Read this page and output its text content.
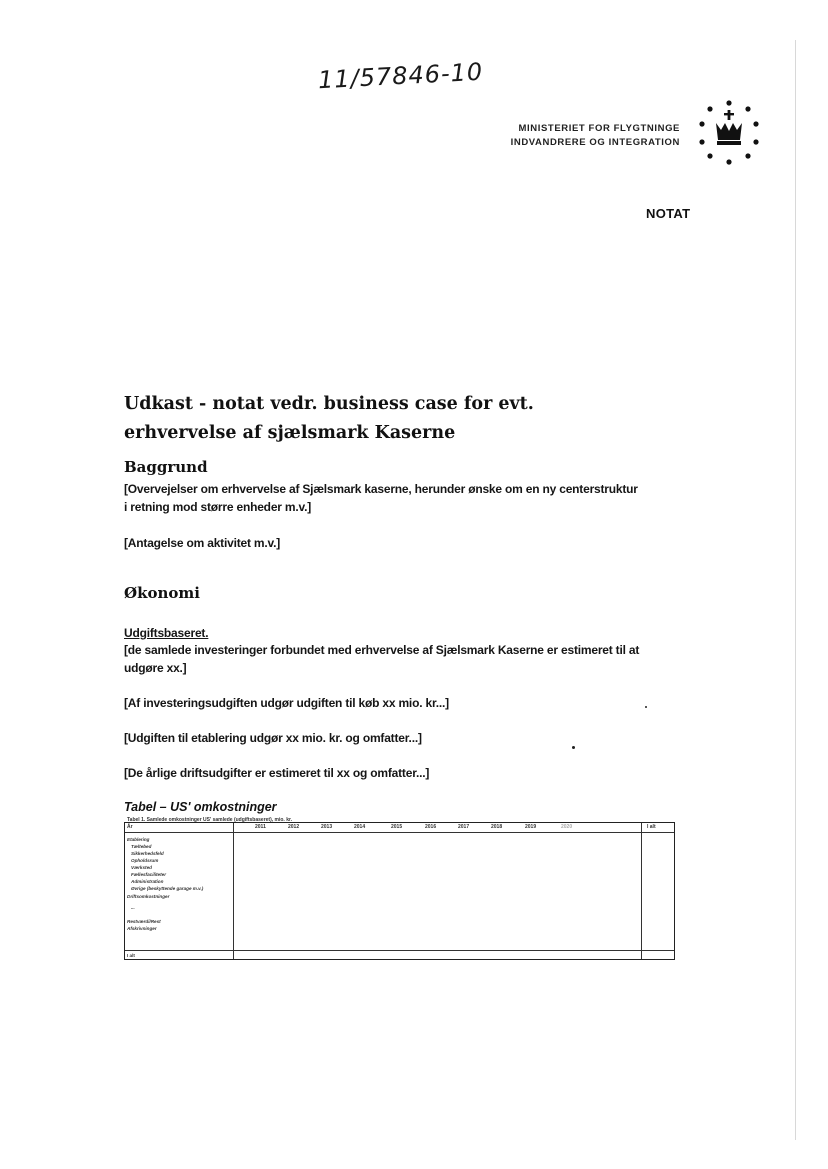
11/57846-10
MINISTERIET FOR FLYGTNINGE
INDVANDRERE OG INTEGRATION
NOTAT
Udkast - notat vedr. business case for evt. erhvervelse af sjælsmark Kaserne
Baggrund
[Overvejelser om erhvervelse af Sjælsmark kaserne, herunder ønske om en ny centerstruktur i retning mod større enheder m.v.]
[Antagelse om aktivitet m.v.]
Økonomi
Udgiftsbaseret.
[de samlede investeringer forbundet med erhvervelse af Sjælsmark Kaserne er estimeret til at udgøre xx.]
[Af investeringsudgiften udgør udgiften til køb xx mio. kr...]
[Udgiften til etablering udgør xx mio. kr. og omfatter...]
[De årlige driftsudgifter er estimeret til xx og omfatter...]
Tabel – US' omkostninger
Tabel 1. Samlede omkostninger US' samlede (udgiftsbaseret), mio. kr.
År	2011	2012	2013	2014	2015	2016	2017	2018	2019	2020	I alt
Etablering
Tæltebed
Sikkerhedsfeld
Opholdsrum
Værksted
Fællesfaciliteter
Administration
Øvrige (beskyttende garage m.v.)
Driftsomkostninger
...
Restværdi/Rest
Afskrivninger
I alt
